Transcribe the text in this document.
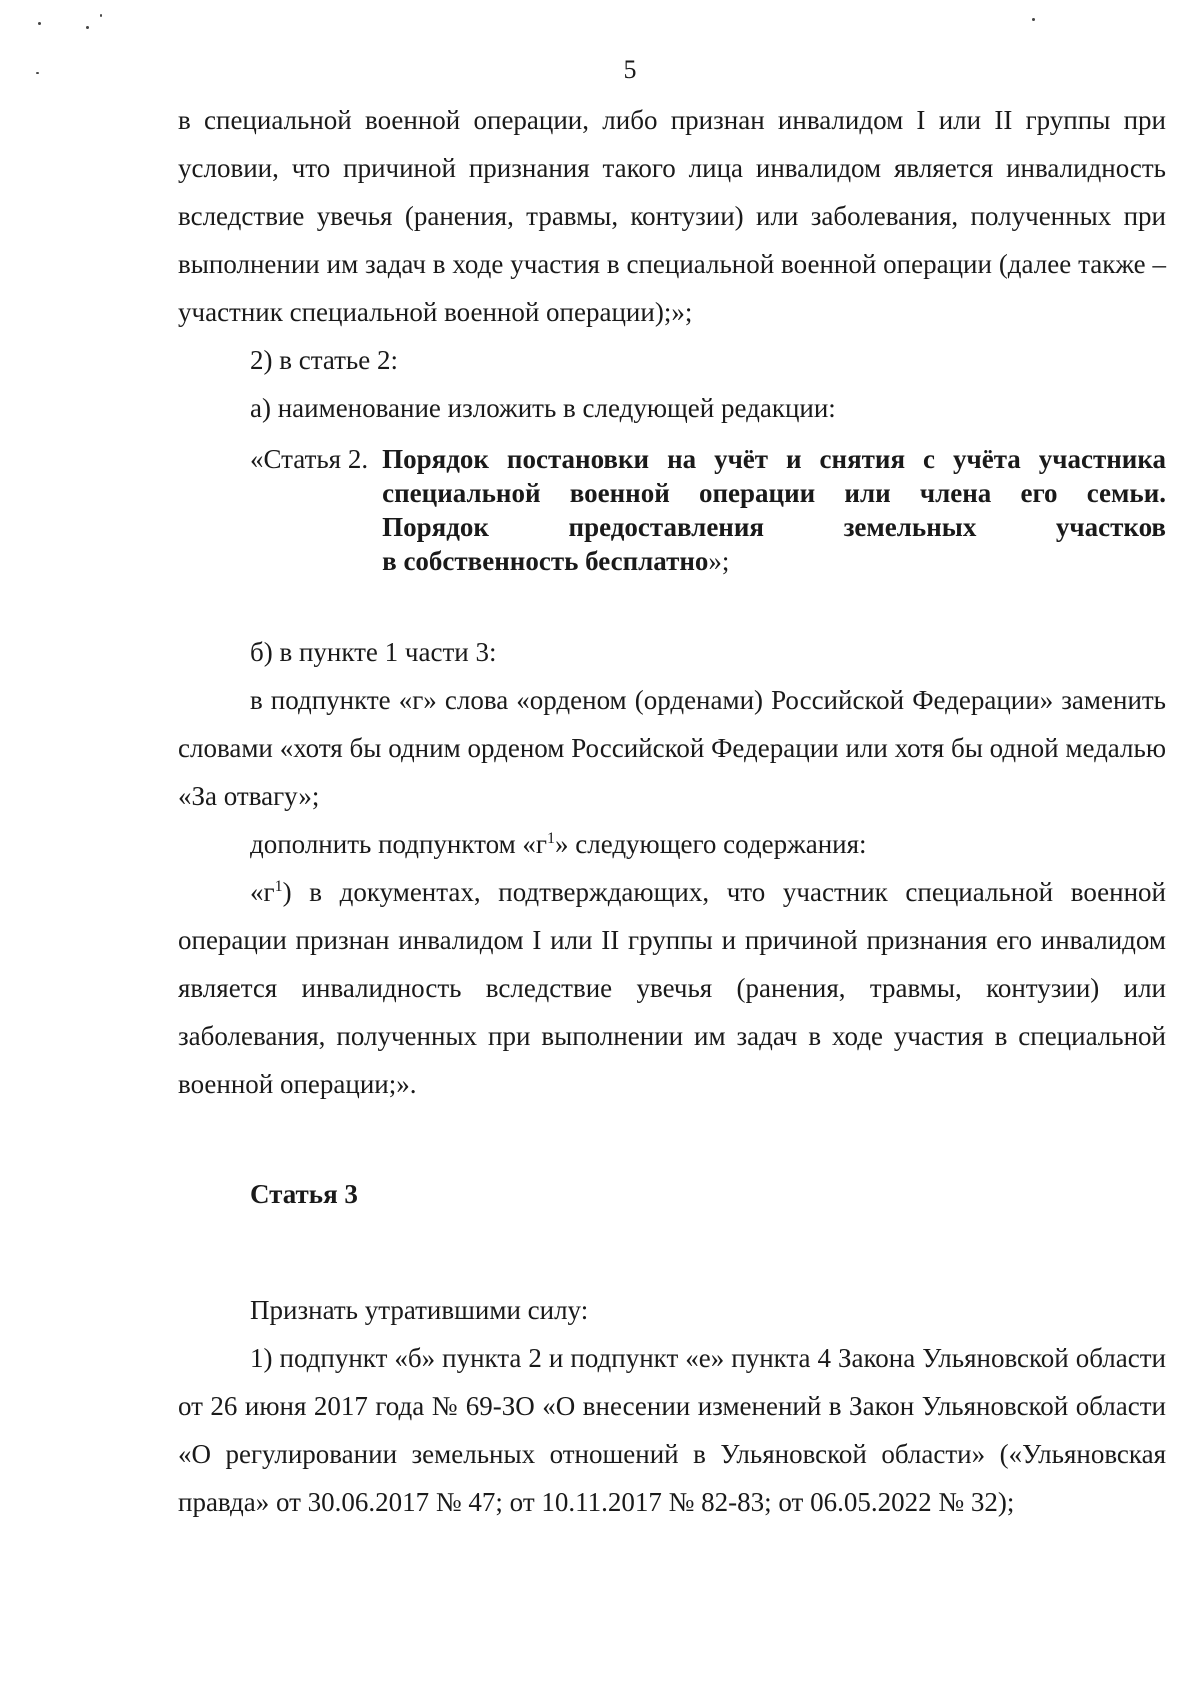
5

в специальной военной операции, либо признан инвалидом I или II группы при условии, что причиной признания такого лица инвалидом является инвалидность вследствие увечья (ранения, травмы, контузии) или заболевания, полученных при выполнении им задач в ходе участия в специальной военной операции (далее также – участник специальной военной операции);»;

2) в статье 2:

а) наименование изложить в следующей редакции:

«Статья 2. Порядок постановки на учёт и снятия с учёта участника
специальной военной операции или члена его семьи.
Порядок предоставления земельных участков
в собственность бесплатно»;

б) в пункте 1 части 3:

в подпункте «г» слова «орденом (орденами) Российской Федерации» заменить словами «хотя бы одним орденом Российской Федерации или хотя бы одной медалью «За отвагу»;

дополнить подпунктом «$г^1$» следующего содержания:

«$г^1$) в документах, подтверждающих, что участник специальной военной операции признан инвалидом I или II группы и причиной признания его инвалидом является инвалидность вследствие увечья (ранения, травмы, контузии) или заболевания, полученных при выполнении им задач в ходе участия в специальной военной операции;».

Статья 3

Признать утратившими силу:

1) подпункт «б» пункта 2 и подпункт «е» пункта 4 Закона Ульяновской области от 26 июня 2017 года № 69-ЗО «О внесении изменений в Закон Ульяновской области «О регулировании земельных отношений в Ульяновской области» («Ульяновская правда» от 30.06.2017 № 47; от 10.11.2017 № 82-83; от 06.05.2022 № 32);
